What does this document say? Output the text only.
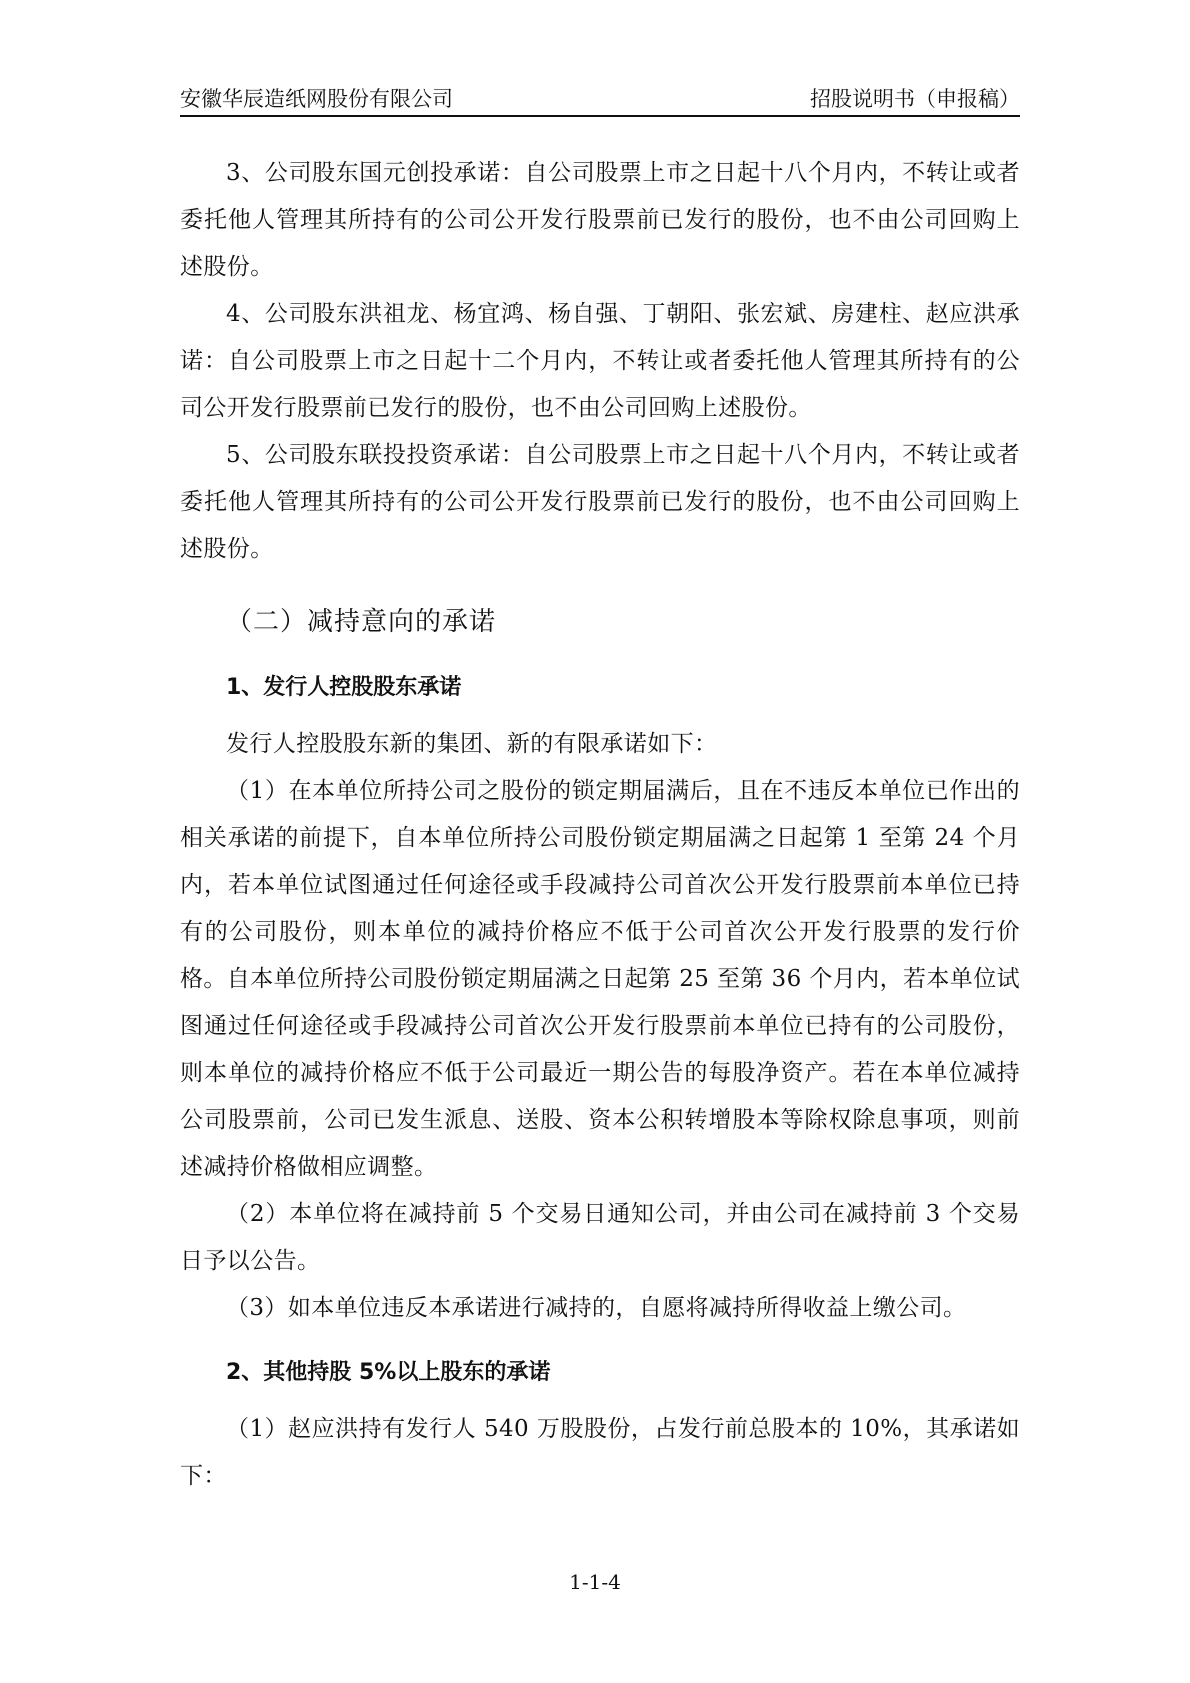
安徽华辰造纸网股份有限公司	招股说明书（申报稿）

3、公司股东国元创投承诺：自公司股票上市之日起十八个月内，不转让或者委托他人管理其所持有的公司公开发行股票前已发行的股份，也不由公司回购上述股份。

4、公司股东洪祖龙、杨宜鸿、杨自强、丁朝阳、张宏斌、房建柱、赵应洪承诺：自公司股票上市之日起十二个月内，不转让或者委托他人管理其所持有的公司公开发行股票前已发行的股份，也不由公司回购上述股份。

5、公司股东联投投资承诺：自公司股票上市之日起十八个月内，不转让或者委托他人管理其所持有的公司公开发行股票前已发行的股份，也不由公司回购上述股份。

（二）减持意向的承诺
1、发行人控股股东承诺

发行人控股股东新的集团、新的有限承诺如下：

（1）在本单位所持公司之股份的锁定期届满后，且在不违反本单位已作出的相关承诺的前提下，自本单位所持公司股份锁定期届满之日起第 1 至第 24 个月内，若本单位试图通过任何途径或手段减持公司首次公开发行股票前本单位已持有的公司股份，则本单位的减持价格应不低于公司首次公开发行股票的发行价格。自本单位所持公司股份锁定期届满之日起第 25 至第 36 个月内，若本单位试图通过任何途径或手段减持公司首次公开发行股票前本单位已持有的公司股份，则本单位的减持价格应不低于公司最近一期公告的每股净资产。若在本单位减持公司股票前，公司已发生派息、送股、资本公积转增股本等除权除息事项，则前述减持价格做相应调整。

（2）本单位将在减持前 5 个交易日通知公司，并由公司在减持前 3 个交易日予以公告。

（3）如本单位违反本承诺进行减持的，自愿将减持所得收益上缴公司。

2、其他持股 5%以上股东的承诺

（1）赵应洪持有发行人 540 万股股份，占发行前总股本的 10%，其承诺如下：

1-1-4
